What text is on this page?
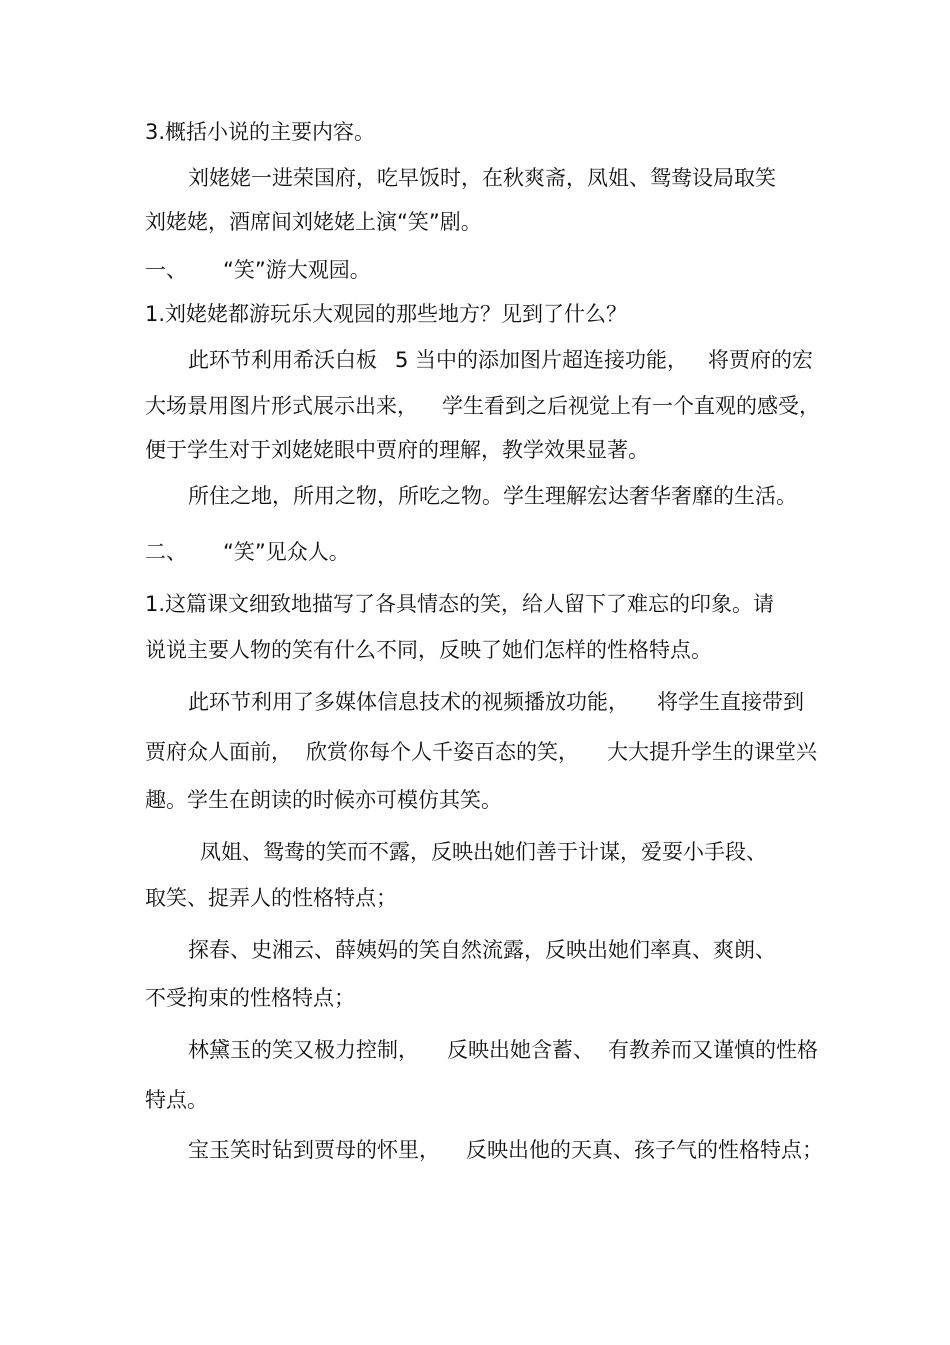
3.概括小说的主要内容。
刘姥姥一进荣国府，吃早饭时，在秋爽斋，凤姐、鸳鸯设局取笑
刘姥姥，酒席间刘姥姥上演“笑”剧。
一、 “笑”游大观园。
1.刘姥姥都游玩乐大观园的那些地方？见到了什么？
此环节利用希沃白板 5 当中的添加图片超连接功能， 将贾府的宏
大场景用图片形式展示出来， 学生看到之后视觉上有一个直观的感受，
便于学生对于刘姥姥眼中贾府的理解，教学效果显著。
所住之地，所用之物，所吃之物。学生理解宏达奢华奢靡的生活。
二、 “笑”见众人。
1.这篇课文细致地描写了各具情态的笑，给人留下了难忘的印象。请
说说主要人物的笑有什么不同，反映了她们怎样的性格特点。
此环节利用了多媒体信息技术的视频播放功能， 将学生直接带到
贾府众人面前， 欣赏你每个人千姿百态的笑， 大大提升学生的课堂兴
趣。学生在朗读的时候亦可模仿其笑。
凤姐、鸳鸯的笑而不露，反映出她们善于计谋，爱耍小手段、
取笑、捉弄人的性格特点；
探春、史湘云、薛姨妈的笑自然流露，反映出她们率真、爽朗、
不受拘束的性格特点；
林黛玉的笑又极力控制， 反映出她含蓄、 有教养而又谨慎的性格
特点。
宝玉笑时钻到贾母的怀里， 反映出他的天真、孩子气的性格特点；
